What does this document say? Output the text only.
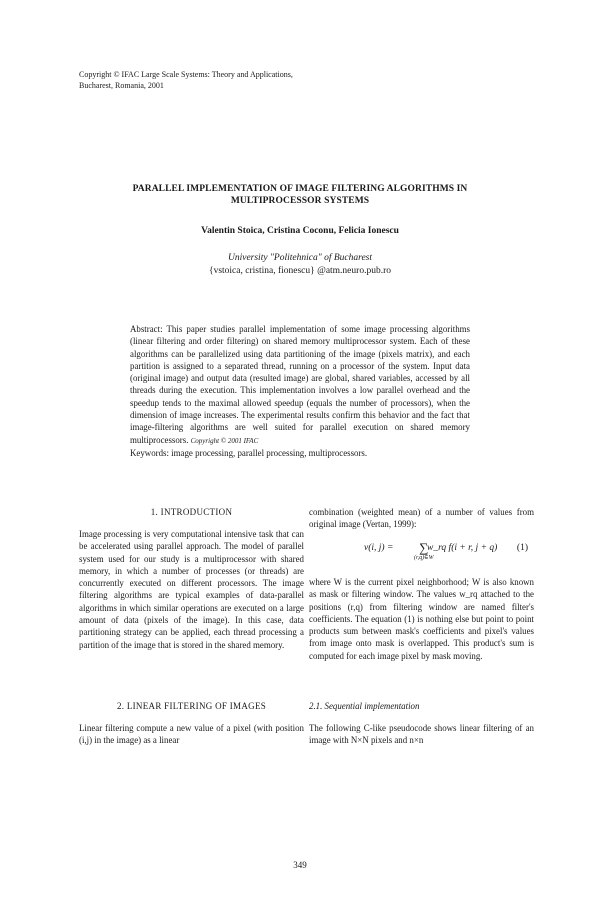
Copyright © IFAC Large Scale Systems: Theory and Applications,
Bucharest, Romania, 2001
PARALLEL IMPLEMENTATION OF IMAGE FILTERING ALGORITHMS IN
MULTIPROCESSOR SYSTEMS
Valentin Stoica, Cristina Coconu, Felicia Ionescu
University "Politehnica" of Bucharest
{vstoica, cristina, fionescu} @atm.neuro.pub.ro
Abstract: This paper studies parallel implementation of some image processing algorithms (linear filtering and order filtering) on shared memory multiprocessor system. Each of these algorithms can be parallelized using data partitioning of the image (pixels matrix), and each partition is assigned to a separated thread, running on a processor of the system. Input data (original image) and output data (resulted image) are global, shared variables, accessed by all threads during the execution. This implementation involves a low parallel overhead and the speedup tends to the maximal allowed speedup (equals the number of processors), when the dimension of image increases. The experimental results confirm this behavior and the fact that image-filtering algorithms are well suited for parallel execution on shared memory multiprocessors. Copyright © 2001 IFAC
Keywords: image processing, parallel processing, multiprocessors.
1. INTRODUCTION
Image processing is very computational intensive task that can be accelerated using parallel approach. The model of parallel system used for our study is a multiprocessor with shared memory, in which a number of processes (or threads) are concurrently executed on different processors. The image filtering algorithms are typical examples of data-parallel algorithms in which similar operations are executed on a large amount of data (pixels of the image). In this case, data partitioning strategy can be applied, each thread processing a partition of the image that is stored in the shared memory.
2. LINEAR FILTERING OF IMAGES
Linear filtering compute a new value of a pixel (with position (i,j) in the image) as a linear
combination (weighted mean) of a number of values from original image (Vertan, 1999):
v(i, j) =	∑
(r,q)∈W
w_rq f(i + r, j + q) (1)
where W is the current pixel neighborhood; W is also known as mask or filtering window. The values w_rq attached to the positions (r,q) from filtering window are named filter's coefficients. The equation (1) is nothing else but point to point products sum between mask's coefficients and pixel's values from image onto mask is overlapped. This product's sum is computed for each image pixel by mask moving.
2.1. Sequential implementation
The following C-like pseudocode shows linear filtering of an image with N×N pixels and n×n
349
